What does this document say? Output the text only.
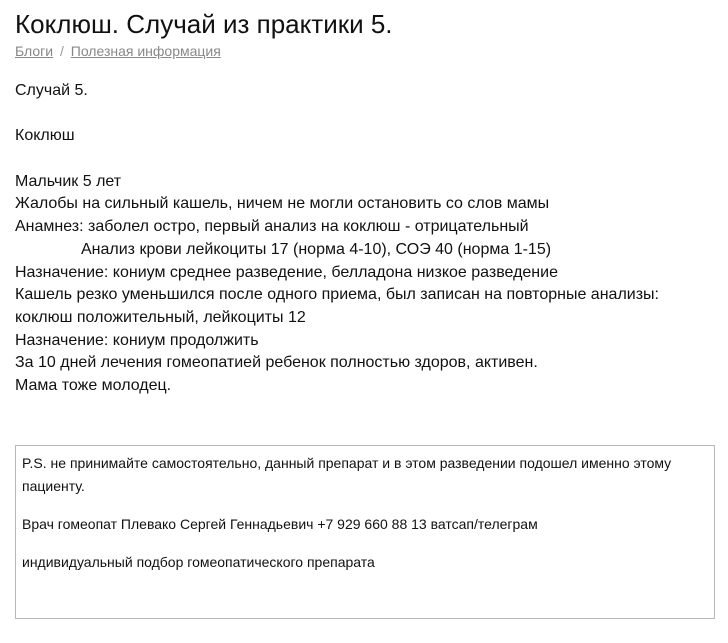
Коклюш. Случай из практики 5.
Блоги / Полезная информация
Случай 5.
Коклюш
Мальчик 5 лет
Жалобы на сильный кашель, ничем не могли остановить со слов мамы
Анамнез: заболел остро, первый анализ на коклюш - отрицательный
Анализ крови лейкоциты 17 (норма 4-10), СОЭ 40 (норма 1-15)
Назначение: кониум среднее разведение, белладона низкое разведение
Кашель резко уменьшился после одного приема, был записан на повторные анализы:
коклюш положительный, лейкоциты 12
Назначение: кониум продолжить
За 10 дней лечения гомеопатией ребенок полностью здоров, активен.
Мама тоже молодец.
P.S. не принимайте самостоятельно, данный препарат и в этом разведении подошел именно этому пациенту.
Врач гомеопат Плевако Сергей Геннадьевич +7 929 660 88 13 ватсап/телеграм
индивидуальный подбор гомеопатического препарата
